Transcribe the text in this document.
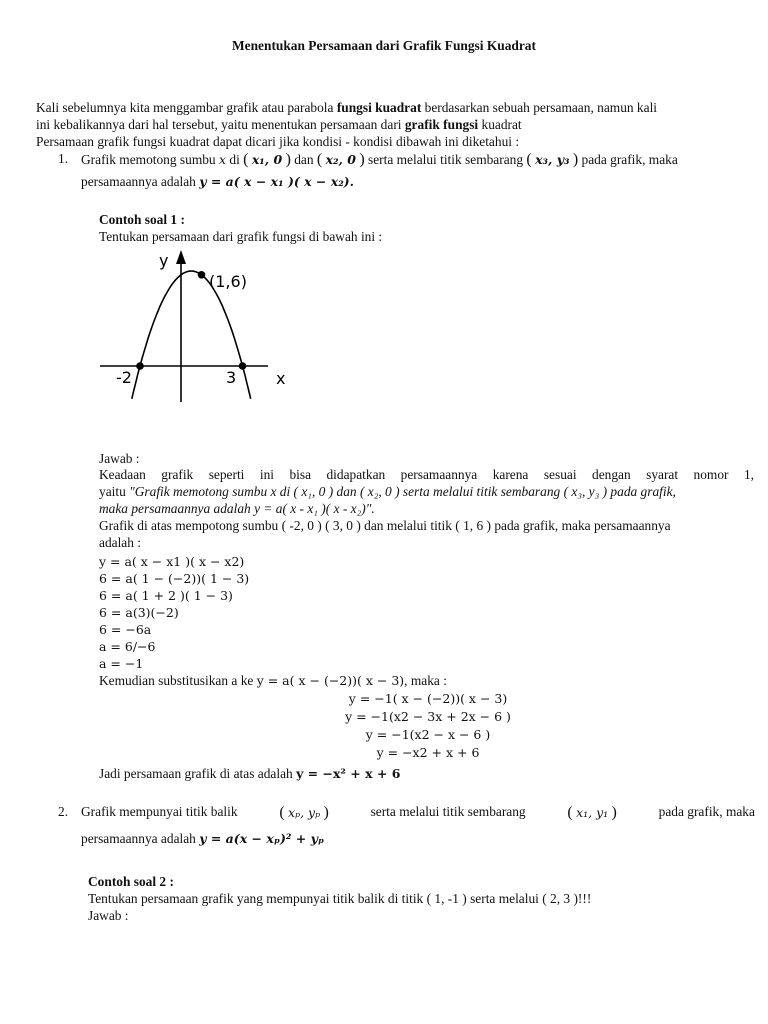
Menentukan Persamaan dari Grafik Fungsi Kuadrat
Kali sebelumnya kita menggambar grafik atau parabola fungsi kuadrat berdasarkan sebuah persamaan, namun kali
ini kebalikannya dari hal tersebut, yaitu menentukan persamaan dari grafik fungsi kuadrat
Persamaan grafik fungsi kuadrat dapat dicari jika kondisi - kondisi dibawah ini diketahui :
1. Grafik memotong sumbu x di ( x₁, 0 ) dan ( x₂, 0 ) serta melalui titik sembarang ( x₃, y₃ ) pada grafik, maka
persamaannya adalah y = a( x − x₁ )( x − x₂).
Contoh soal 1 :
Tentukan persamaan dari grafik fungsi di bawah ini :
y
(1,6)
-2	3 x
Jawab :
Keadaan grafik seperti ini bisa didapatkan persamaannya karena sesuai dengan syarat nomor 1,
yaitu "Grafik memotong sumbu x di ( x₁, 0 ) dan ( x₂, 0 ) serta melalui titik sembarang ( x₃, y₃ ) pada grafik,
maka persamaannya adalah y = a( x - x₁ )( x - x₂)".
Grafik di atas mempotong sumbu ( -2, 0 ) ( 3, 0 ) dan melalui titik ( 1, 6 ) pada grafik, maka persamaannya
adalah :
y = a( x − x1 )( x − x2)
6 = a( 1 − (−2))( 1 − 3)
6 = a( 1 + 2 )( 1 − 3)
6 = a(3)(−2)
6 = −6a
a = 6/−6
a = −1
Kemudian substitusikan a ke y = a( x − (−2))( x − 3), maka :
y = −1( x − (−2))( x − 3)
y = −1(x2 − 3x + 2x − 6 )
y = −1(x2 − x − 6 )
y = −x2 + x + 6
Jadi persamaan grafik di atas adalah y = −x² + x + 6
2. Grafik mempunyai titik balik	( xₚ, yₚ )	serta melalui titik sembarang	( x₁, y₁ )	pada grafik, maka
persamaannya adalah y = a(x − xₚ)² + yₚ
Contoh soal 2 :
Tentukan persamaan grafik yang mempunyai titik balik di titik ( 1, -1 ) serta melalui ( 2, 3 )!!!
Jawab :
